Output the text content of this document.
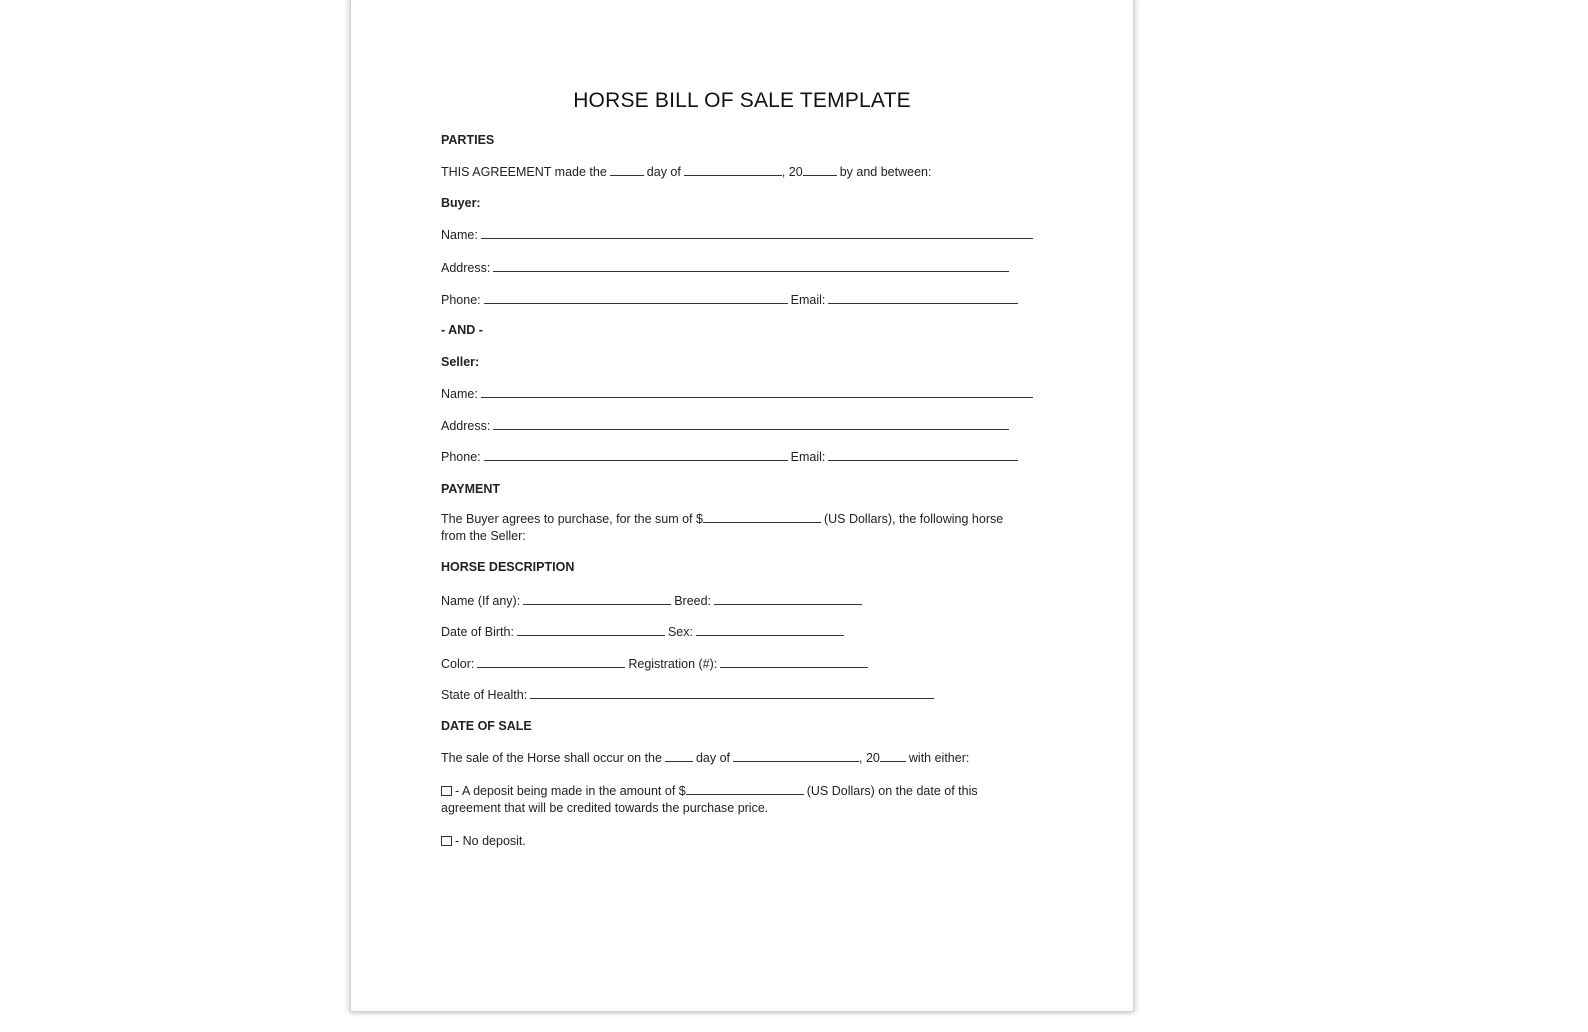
HORSE BILL OF SALE TEMPLATE
PARTIES
THIS AGREEMENT made the	day of	, 20	by and between:
Buyer:
Name:
Address:
Phone:	Email:
- AND -
Seller:
Name:
Address:
Phone:	Email:
PAYMENT
The Buyer agrees to purchase, for the sum of $	(US Dollars), the following horse from the Seller:
HORSE DESCRIPTION
Name (If any):	Breed:
Date of Birth:	Sex:
Color:	Registration (#):
State of Health:
DATE OF SALE
The sale of the Horse shall occur on the	day of	, 20 with either:
- A deposit being made in the amount of $	(US Dollars) on the date of this agreement that will be credited towards the purchase price.
- No deposit.
